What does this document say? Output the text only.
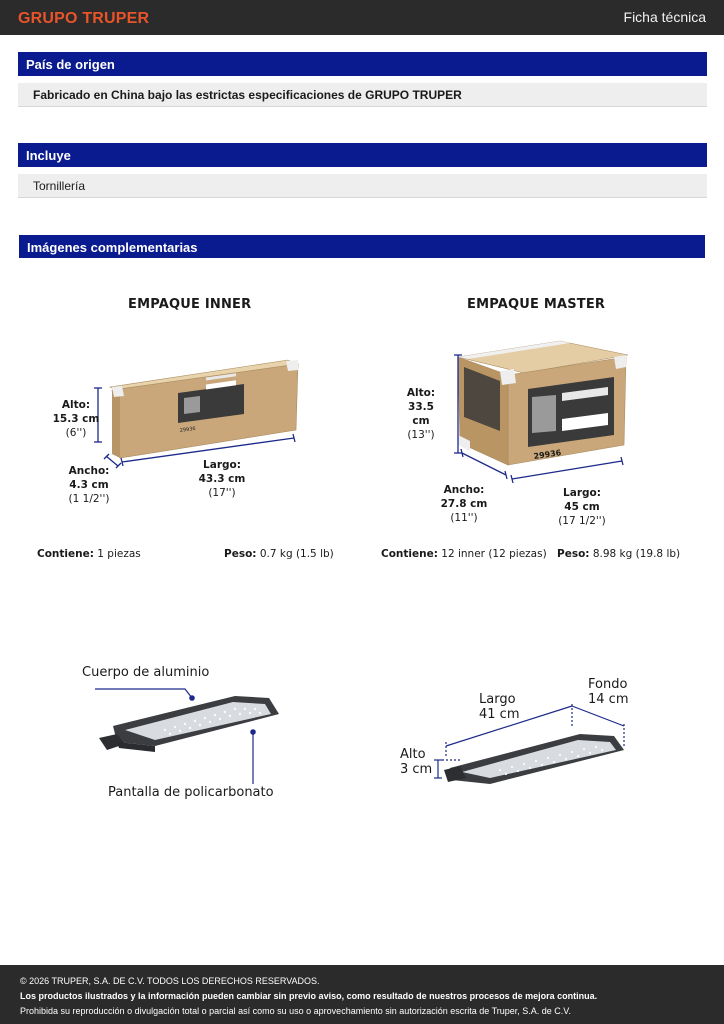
GRUPO TRUPER	Ficha técnica
País de origen
Fabricado en China bajo las estrictas especificaciones de GRUPO TRUPER
Incluye
Tornillería
Imágenes complementarias
EMPAQUE INNER
29936
Alto:
15.3 cm
(6'')
Ancho:
4.3 cm
(1 1/2'')
Largo:
43.3 cm
(17'')
Contiene: 1 piezas	Peso: 0.7 kg (1.5 lb)
EMPAQUE MASTER
29936
Alto:
33.5 cm
(13'')
Ancho:
27.8 cm
(11'')
Largo:
45 cm
(17 1/2'')
Contiene: 12 inner (12 piezas) Peso: 8.98 kg (19.8 lb)
Cuerpo de aluminio
Pantalla de policarbonato
Largo
41 cm
Fondo
14 cm
Alto
3 cm
© 2026 TRUPER, S.A. DE C.V. TODOS LOS DERECHOS RESERVADOS.
Los productos ilustrados y la información pueden cambiar sin previo aviso, como resultado de nuestros procesos de mejora continua.
Prohibida su reproducción o divulgación total o parcial así como su uso o aprovechamiento sin autorización escrita de Truper, S.A. de C.V.
